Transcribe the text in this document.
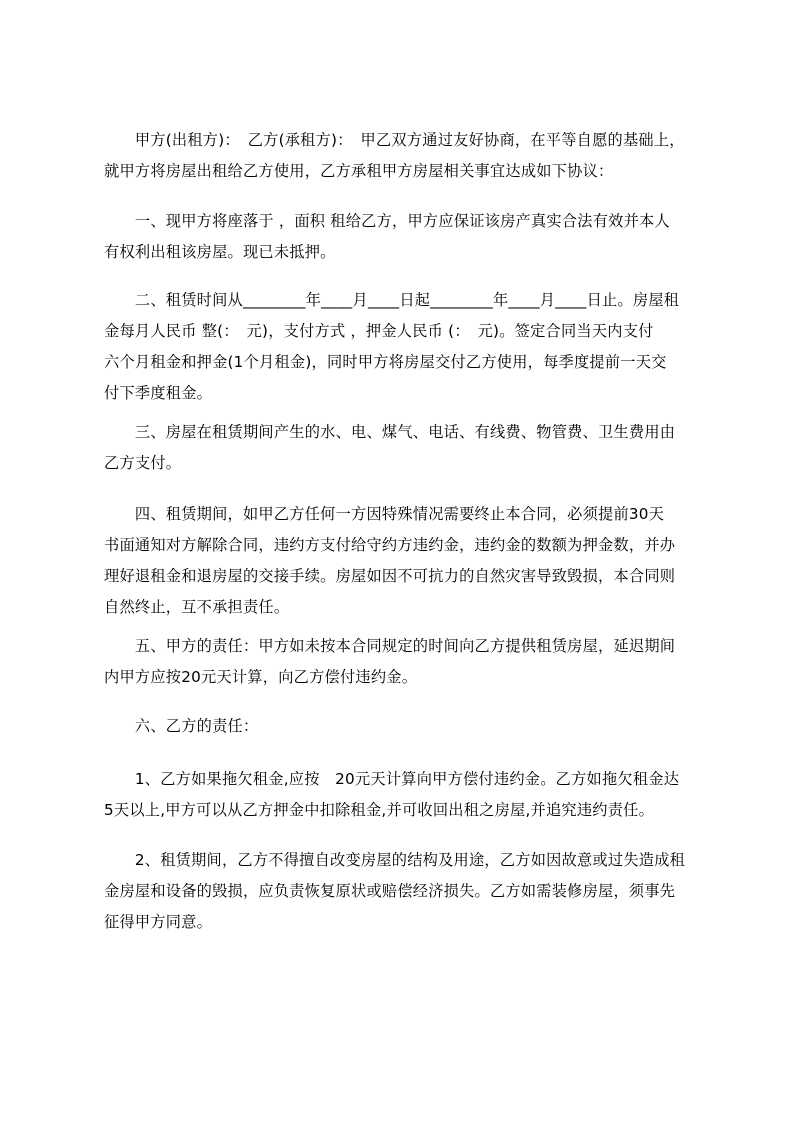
　　甲方(出租方)：　乙方(承租方)：　甲乙双方通过友好协商，在平等自愿的基础上，
就甲方将房屋出租给乙方使用，乙方承租甲方房屋相关事宜达成如下协议：
　　一、现甲方将座落于 ，面积 租给乙方，甲方应保证该房产真实合法有效并本人
有权利出租该房屋。现已未抵押。
　　二、租赁时间从________年____月____日起________年____月____日止。房屋租
金每月人民币 整(：　元)，支付方式 ，押金人民币 (：　元)。签定合同当天内支付
六个月租金和押金(1个月租金)，同时甲方将房屋交付乙方使用，每季度提前一天交
付下季度租金。
　　三、房屋在租赁期间产生的水、电、煤气、电话、有线费、物管费、卫生费用由
乙方支付。
　　四、租赁期间，如甲乙方任何一方因特殊情况需要终止本合同，必须提前30天
书面通知对方解除合同，违约方支付给守约方违约金，违约金的数额为押金数，并办
理好退租金和退房屋的交接手续。房屋如因不可抗力的自然灾害导致毁损，本合同则
自然终止，互不承担责任。
　　五、甲方的责任：甲方如未按本合同规定的时间向乙方提供租赁房屋，延迟期间
内甲方应按20元天计算，向乙方偿付违约金。
　　六、乙方的责任：
　　1、乙方如果拖欠租金,应按　20元天计算向甲方偿付违约金。乙方如拖欠租金达
5天以上,甲方可以从乙方押金中扣除租金,并可收回出租之房屋,并追究违约责任。
　　2、租赁期间，乙方不得擅自改变房屋的结构及用途，乙方如因故意或过失造成租
金房屋和设备的毁损，应负责恢复原状或赔偿经济损失。乙方如需装修房屋，须事先
征得甲方同意。
